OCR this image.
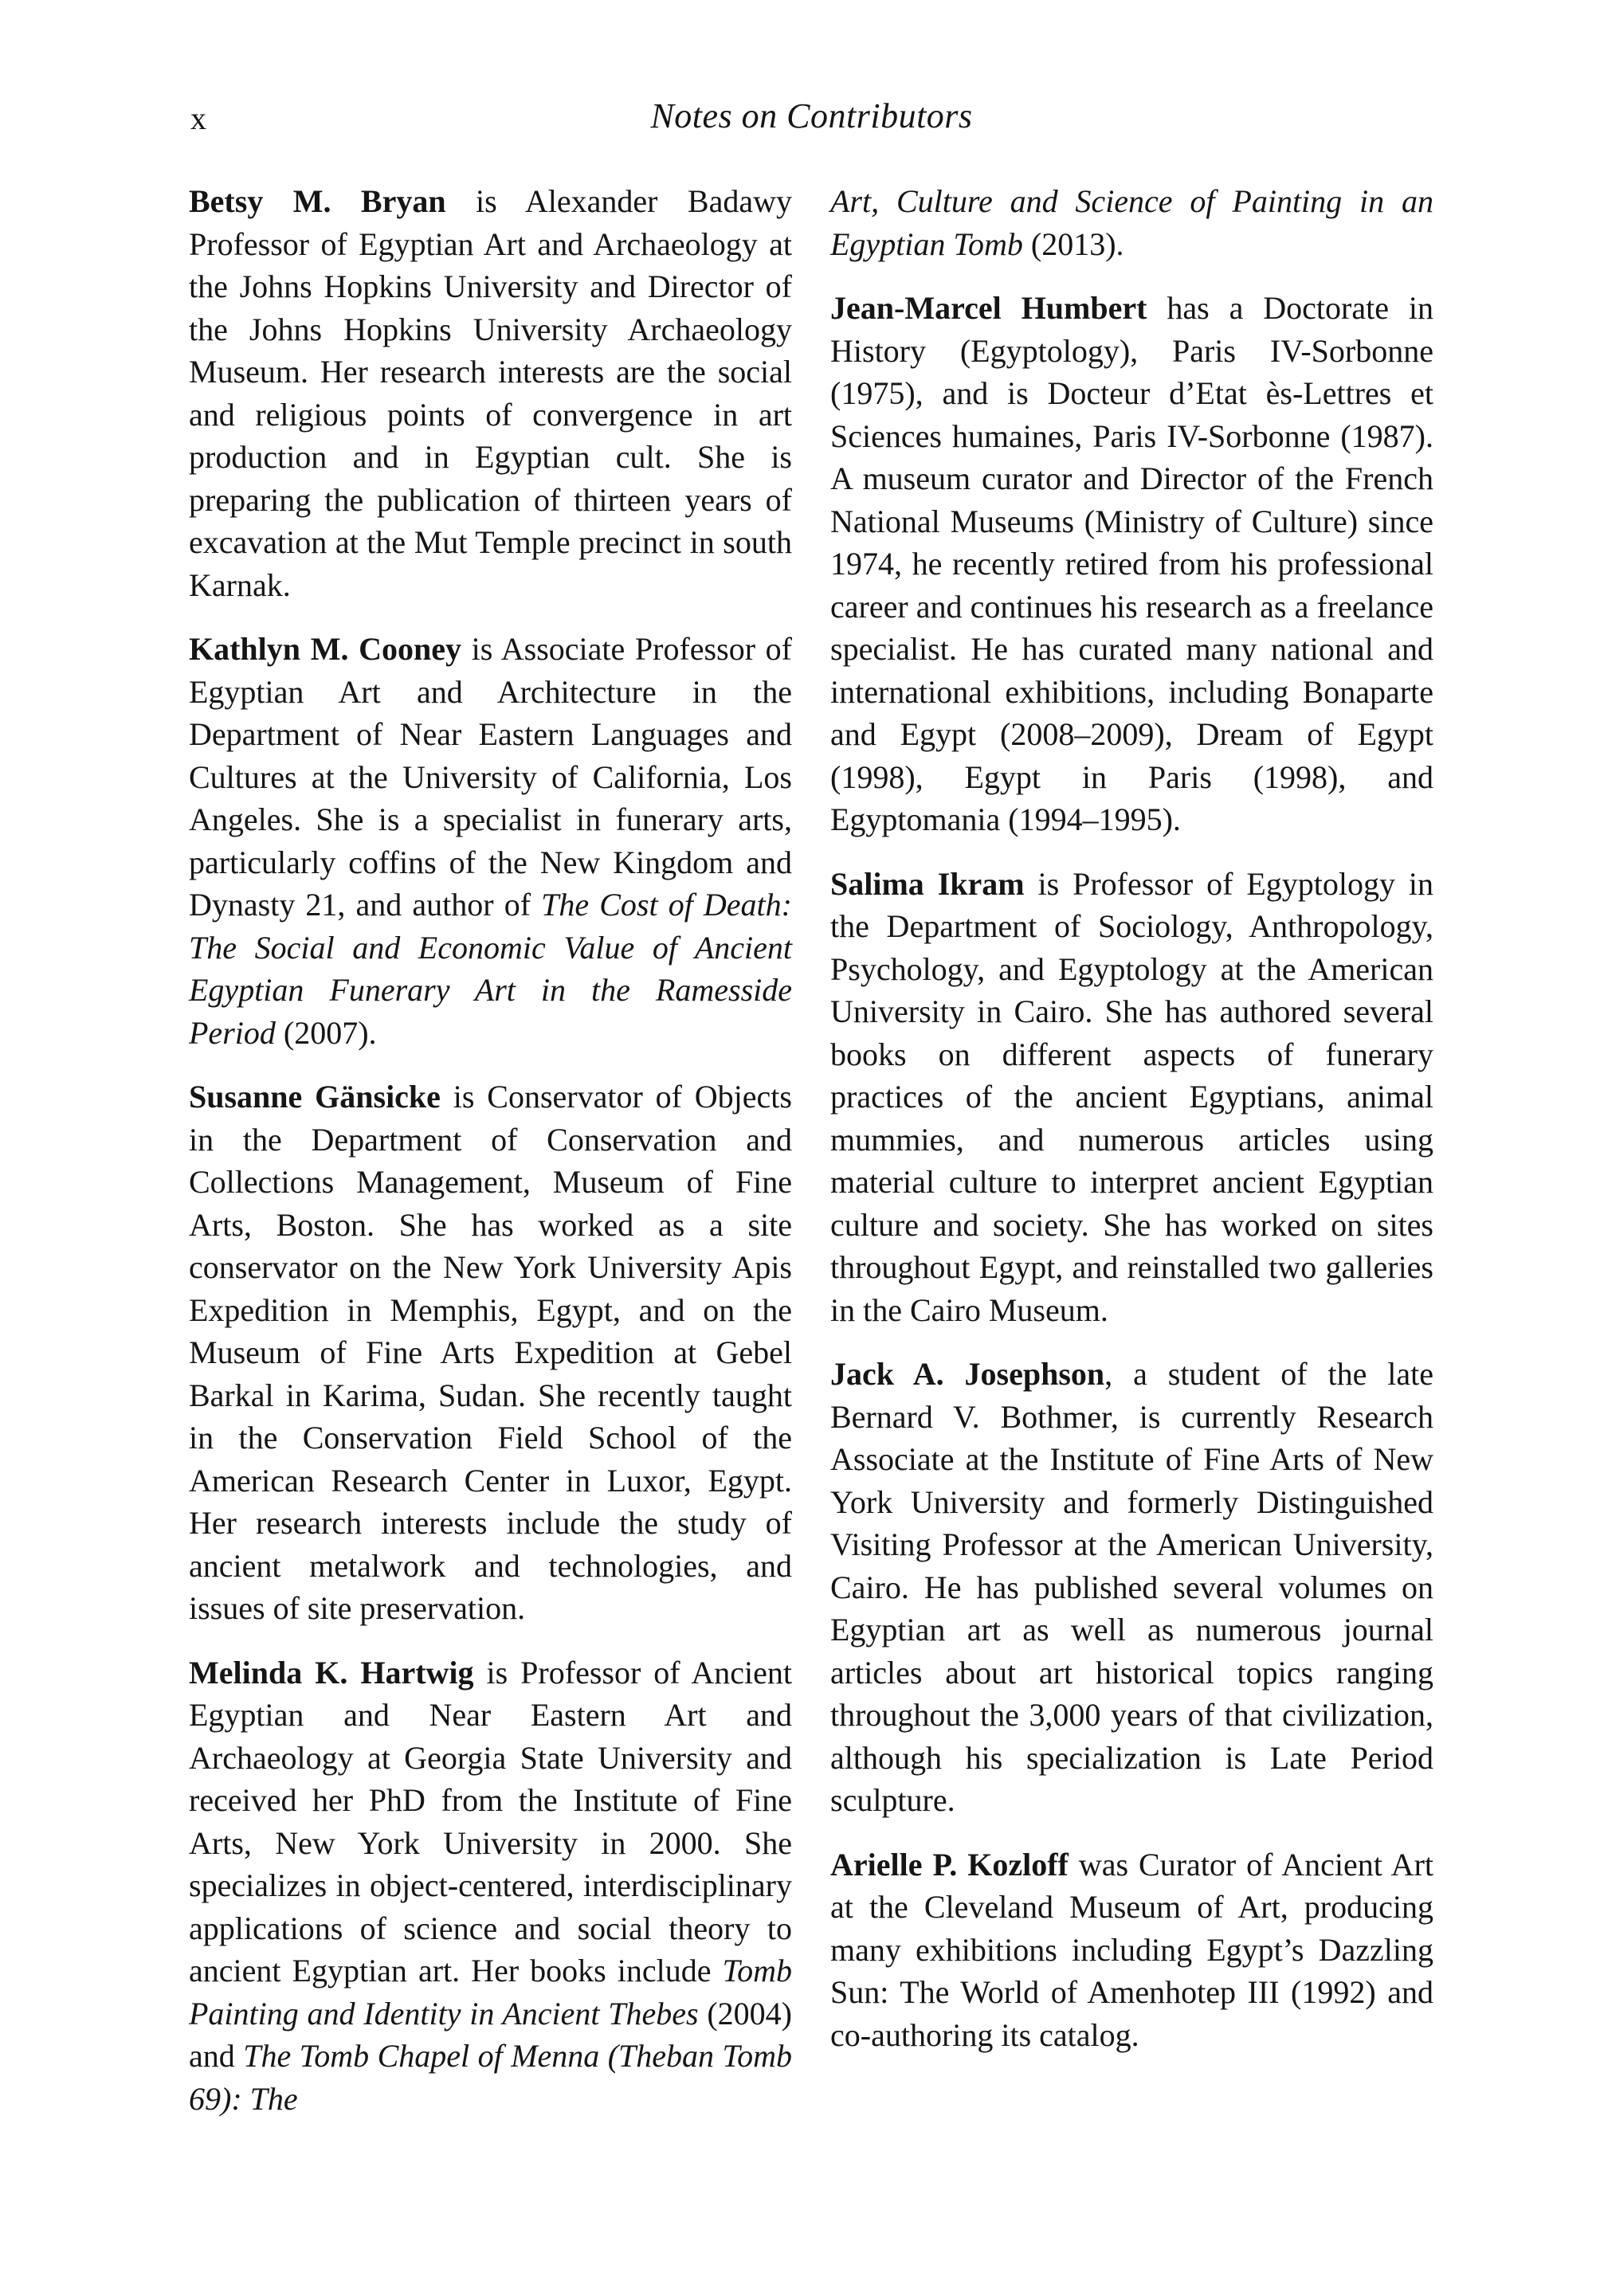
x	Notes on Contributors

Betsy M. Bryan is Alexander Badawy Professor of Egyptian Art and Archaeology at the Johns Hopkins University and Director of the Johns Hopkins University Archaeology Museum. Her research interests are the social and religious points of convergence in art production and in Egyptian cult. She is preparing the publication of thirteen years of excavation at the Mut Temple precinct in south Karnak.

Kathlyn M. Cooney is Associate Professor of Egyptian Art and Architecture in the Department of Near Eastern Languages and Cultures at the University of California, Los Angeles. She is a specialist in funerary arts, particularly coffins of the New Kingdom and Dynasty 21, and author of The Cost of Death: The Social and Economic Value of Ancient Egyptian Funerary Art in the Ramesside Period (2007).

Susanne Gänsicke is Conservator of Objects in the Department of Conservation and Collections Management, Museum of Fine Arts, Boston. She has worked as a site conservator on the New York University Apis Expedition in Memphis, Egypt, and on the Museum of Fine Arts Expedition at Gebel Barkal in Karima, Sudan. She recently taught in the Conservation Field School of the American Research Center in Luxor, Egypt. Her research interests include the study of ancient metalwork and technologies, and issues of site preservation.

Melinda K. Hartwig is Professor of Ancient Egyptian and Near Eastern Art and Archaeology at Georgia State University and received her PhD from the Institute of Fine Arts, New York University in 2000. She specializes in object-centered, interdisciplinary applications of science and social theory to ancient Egyptian art. Her books include Tomb Painting and Identity in Ancient Thebes (2004) and The Tomb Chapel of Menna (Theban Tomb 69): The

Art, Culture and Science of Painting in an Egyptian Tomb (2013).

Jean-Marcel Humbert has a Doctorate in History (Egyptology), Paris IV-Sorbonne (1975), and is Docteur d’Etat ès-Lettres et Sciences humaines, Paris IV-Sorbonne (1987). A museum curator and Director of the French National Museums (Ministry of Culture) since 1974, he recently retired from his professional career and continues his research as a freelance specialist. He has curated many national and international exhibitions, including Bonaparte and Egypt (2008–2009), Dream of Egypt (1998), Egypt in Paris (1998), and Egyptomania (1994–1995).

Salima Ikram is Professor of Egyptology in the Department of Sociology, Anthropology, Psychology, and Egyptology at the American University in Cairo. She has authored several books on different aspects of funerary practices of the ancient Egyptians, animal mummies, and numerous articles using material culture to interpret ancient Egyptian culture and society. She has worked on sites throughout Egypt, and reinstalled two galleries in the Cairo Museum.

Jack A. Josephson, a student of the late Bernard V. Bothmer, is currently Research Associate at the Institute of Fine Arts of New York University and formerly Distinguished Visiting Professor at the American University, Cairo. He has published several volumes on Egyptian art as well as numerous journal articles about art historical topics ranging throughout the 3,000 years of that civilization, although his specialization is Late Period sculpture.

Arielle P. Kozloff was Curator of Ancient Art at the Cleveland Museum of Art, producing many exhibitions including Egypt’s Dazzling Sun: The World of Amenhotep III (1992) and co-authoring its catalog.
